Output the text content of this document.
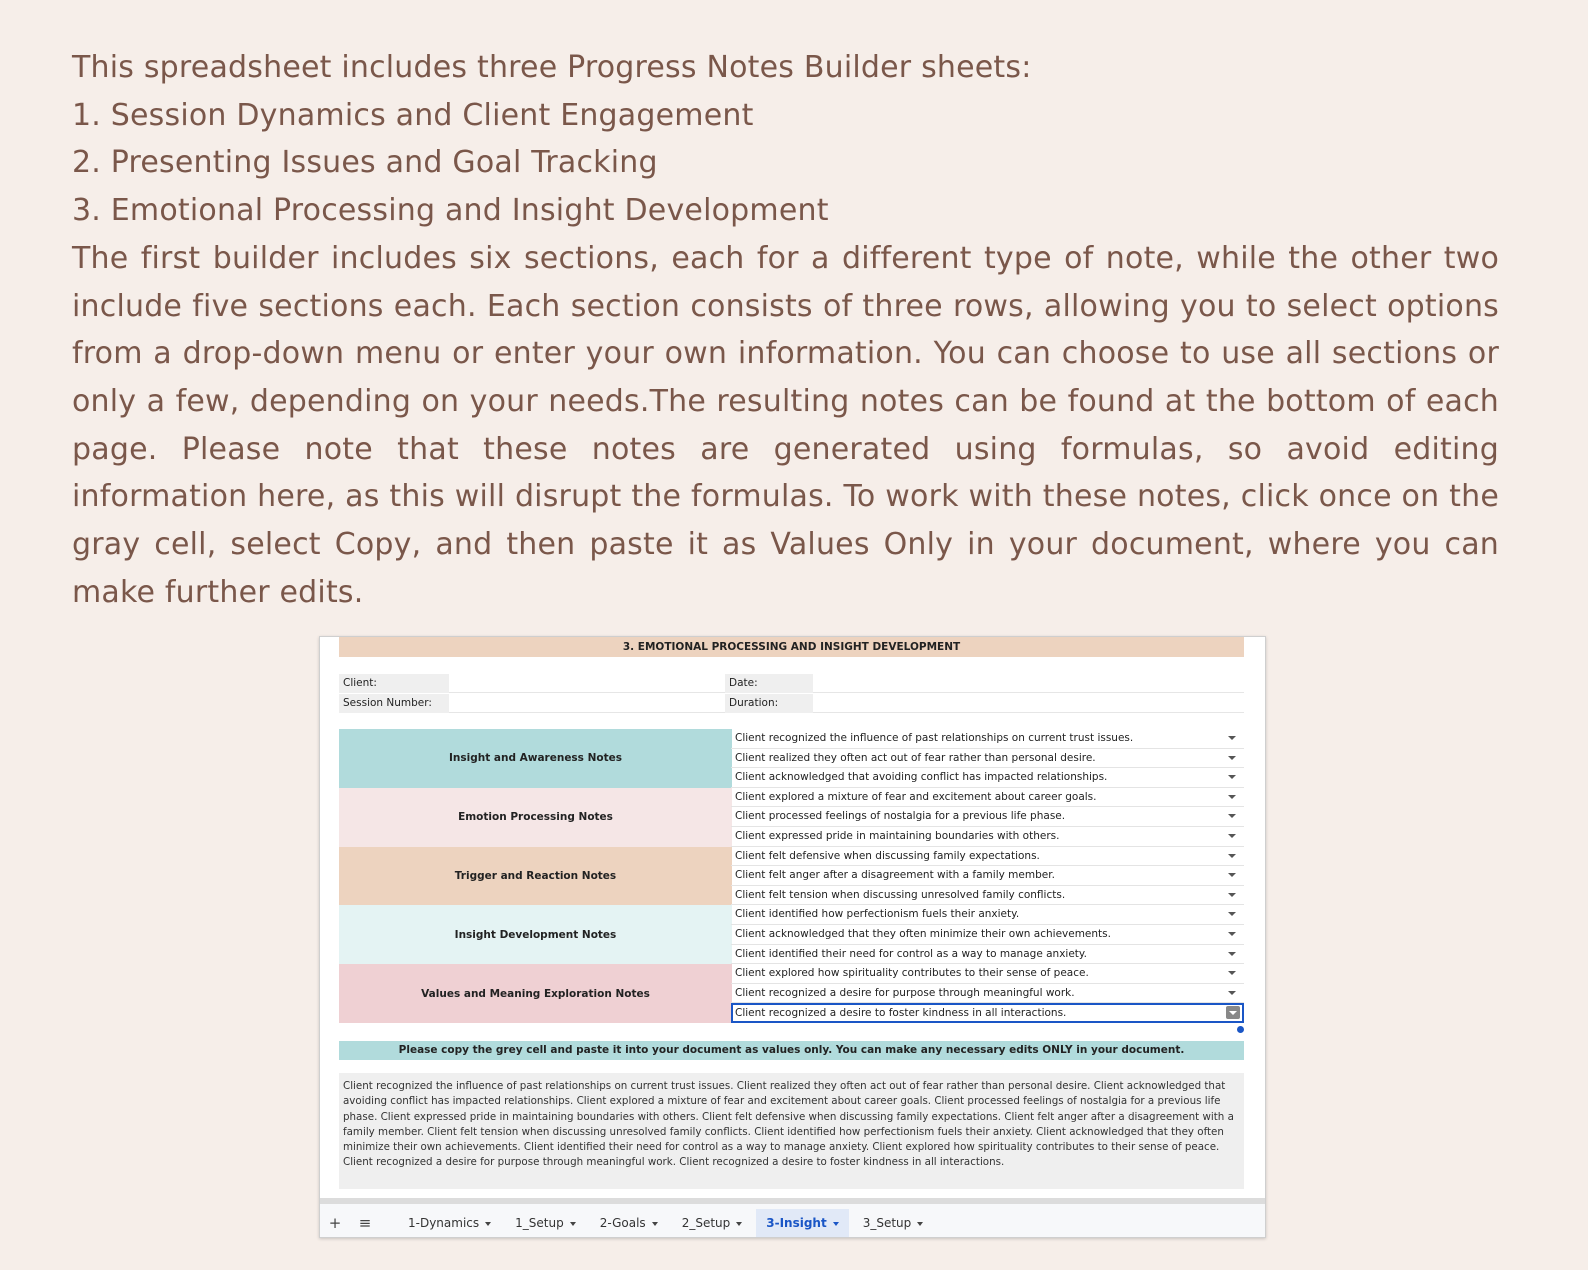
This spreadsheet includes three Progress Notes Builder sheets:
1. Session Dynamics and Client Engagement
2. Presenting Issues and Goal Tracking
3. Emotional Processing and Insight Development

The first builder includes six sections, each for a different type of note, while the other two include five sections each. Each section consists of three rows, allowing you to select options from a drop-down menu or enter your own information. You can choose to use all sections or only a few, depending on your needs.The resulting notes can be found at the bottom of each page. Please note that these notes are generated using formulas, so avoid editing information here, as this will disrupt the formulas. To work with these notes, click once on the gray cell, select Copy, and then paste it as Values Only in your document, where you can make further edits.

3. EMOTIONAL PROCESSING AND INSIGHT DEVELOPMENT
Client:	Date:
Session Number:	Duration:
Insight and Awareness Notes
Client recognized the influence of past relationships on current trust issues.
Client realized they often act out of fear rather than personal desire.
Client acknowledged that avoiding conflict has impacted relationships.
Emotion Processing Notes
Client explored a mixture of fear and excitement about career goals.
Client processed feelings of nostalgia for a previous life phase.
Client expressed pride in maintaining boundaries with others.
Trigger and Reaction Notes
Client felt defensive when discussing family expectations.
Client felt anger after a disagreement with a family member.
Client felt tension when discussing unresolved family conflicts.
Insight Development Notes
Client identified how perfectionism fuels their anxiety.
Client acknowledged that they often minimize their own achievements.
Client identified their need for control as a way to manage anxiety.
Values and Meaning Exploration Notes
Client explored how spirituality contributes to their sense of peace.
Client recognized a desire for purpose through meaningful work.
Client recognized a desire to foster kindness in all interactions.
Please copy the grey cell and paste it into your document as values only. You can make any necessary edits ONLY in your document.
Client recognized the influence of past relationships on current trust issues. Client realized they often act out of fear rather than personal desire. Client acknowledged that avoiding conflict has impacted relationships. Client explored a mixture of fear and excitement about career goals. Client processed feelings of nostalgia for a previous life phase. Client expressed pride in maintaining boundaries with others. Client felt defensive when discussing family expectations. Client felt anger after a disagreement with a family member. Client felt tension when discussing unresolved family conflicts. Client identified how perfectionism fuels their anxiety. Client acknowledged that they often minimize their own achievements. Client identified their need for control as a way to manage anxiety. Client explored how spirituality contributes to their sense of peace. Client recognized a desire for purpose through meaningful work. Client recognized a desire to foster kindness in all interactions.
+	≡	1-Dynamics	1_Setup	2-Goals	2_Setup	3-Insight	3_Setup
